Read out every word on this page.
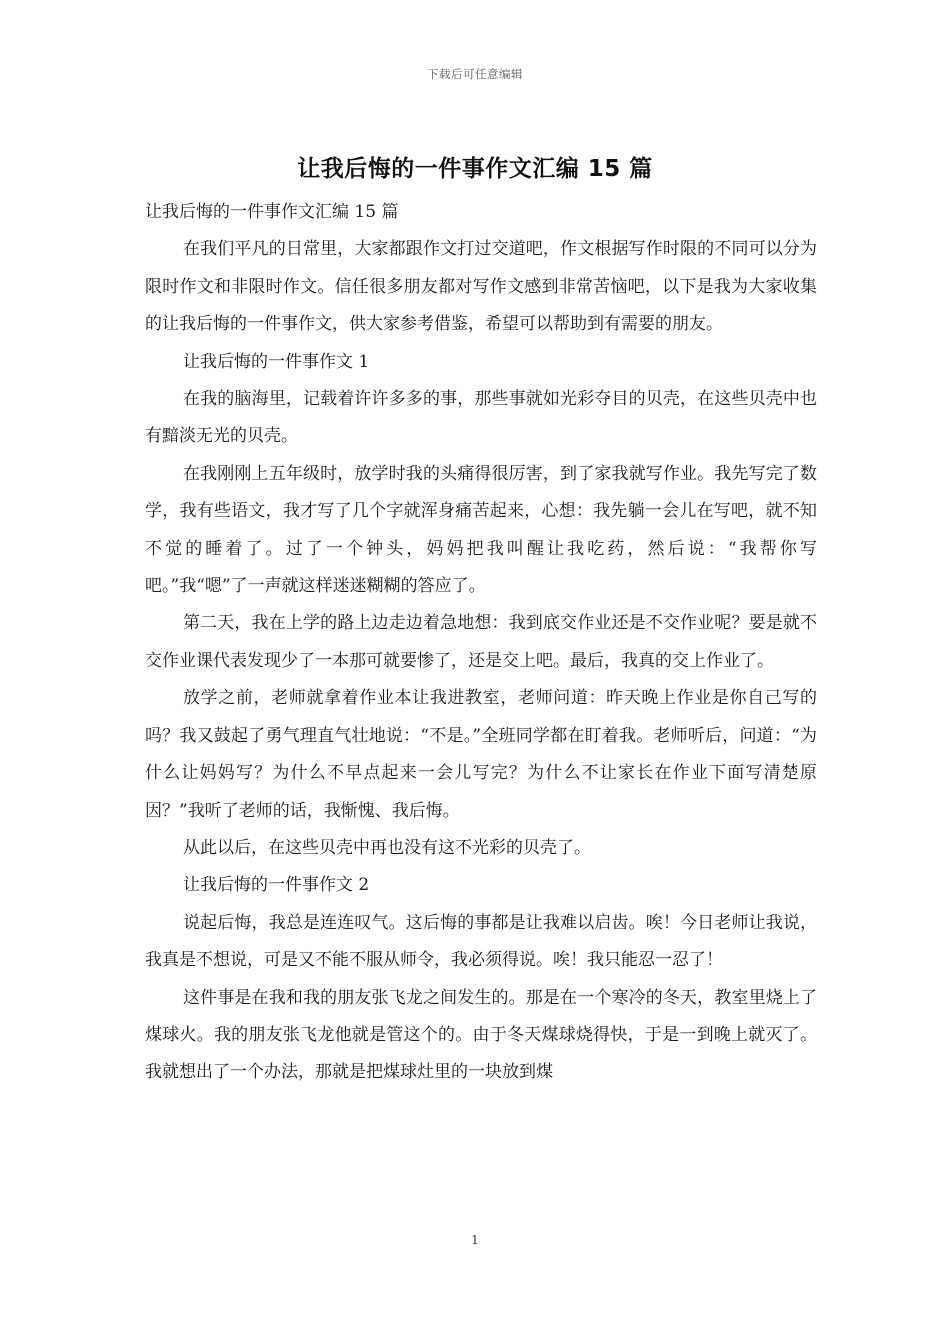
下载后可任意编辑
让我后悔的一件事作文汇编 15 篇

让我后悔的一件事作文汇编 15 篇

在我们平凡的日常里，大家都跟作文打过交道吧，作文根据写作时限的不同可以分为限时作文和非限时作文。信任很多朋友都对写作文感到非常苦恼吧，以下是我为大家收集的让我后悔的一件事作文，供大家参考借鉴，希望可以帮助到有需要的朋友。

让我后悔的一件事作文 1

在我的脑海里，记载着许许多多的事，那些事就如光彩夺目的贝壳，在这些贝壳中也有黯淡无光的贝壳。

在我刚刚上五年级时，放学时我的头痛得很厉害，到了家我就写作业。我先写完了数学，我有些语文，我才写了几个字就浑身痛苦起来，心想：我先躺一会儿在写吧，就不知不觉的睡着了。过了一个钟头，妈妈把我叫醒让我吃药，然后说：“我帮你写吧。”我“嗯”了一声就这样迷迷糊糊的答应了。

第二天，我在上学的路上边走边着急地想：我到底交作业还是不交作业呢？要是就不交作业课代表发现少了一本那可就要惨了，还是交上吧。最后，我真的交上作业了。

放学之前，老师就拿着作业本让我进教室，老师问道：昨天晚上作业是你自己写的吗？我又鼓起了勇气理直气壮地说：“不是。”全班同学都在盯着我。老师听后，问道：“为什么让妈妈写？为什么不早点起来一会儿写完？为什么不让家长在作业下面写清楚原因？”我听了老师的话，我惭愧、我后悔。

从此以后，在这些贝壳中再也没有这不光彩的贝壳了。

让我后悔的一件事作文 2

说起后悔，我总是连连叹气。这后悔的事都是让我难以启齿。唉！今日老师让我说，我真是不想说，可是又不能不服从师令，我必须得说。唉！我只能忍一忍了！

这件事是在我和我的朋友张飞龙之间发生的。那是在一个寒冷的冬天，教室里烧上了煤球火。我的朋友张飞龙他就是管这个的。由于冬天煤球烧得快，于是一到晚上就灭了。我就想出了一个办法，那就是把煤球灶里的一块放到煤

1
